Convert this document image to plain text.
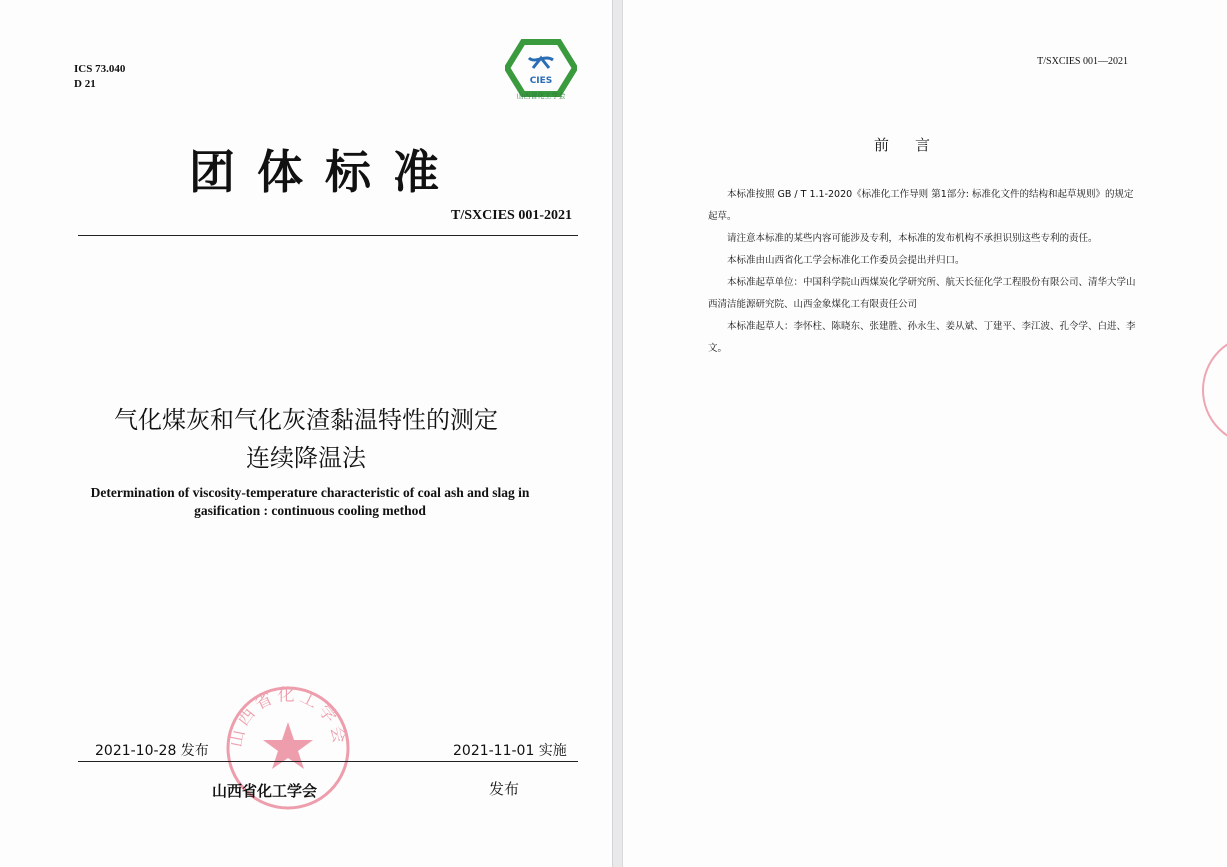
ICS 73.040
D 21	CIES
山西省化工学会
团体标准
T/SXCIES 001-2021
气化煤灰和气化灰渣黏温特性的测定
连续降温法
Determination of viscosity-temperature characteristic of coal ash and slag in gasification : continuous cooling method
山西省化工学会
2021-10-28 发布	2021-11-01 实施
山西省化工学会	发布
T/SXCIES 001—2021
前言

本标准按照 GB / T 1.1-2020《标准化工作导则 第1部分: 标准化文件的结构和起草规则》的规定起草。

请注意本标准的某些内容可能涉及专利，本标准的发布机构不承担识别这些专利的责任。

本标准由山西省化工学会标准化工作委员会提出并归口。

本标准起草单位：中国科学院山西煤炭化学研究所、航天长征化学工程股份有限公司、清华大学山西清洁能源研究院、山西金象煤化工有限责任公司

本标准起草人：李怀柱、陈晓东、张建胜、孙永生、姜从斌、丁建平、李江波、孔令学、白进、李文。
